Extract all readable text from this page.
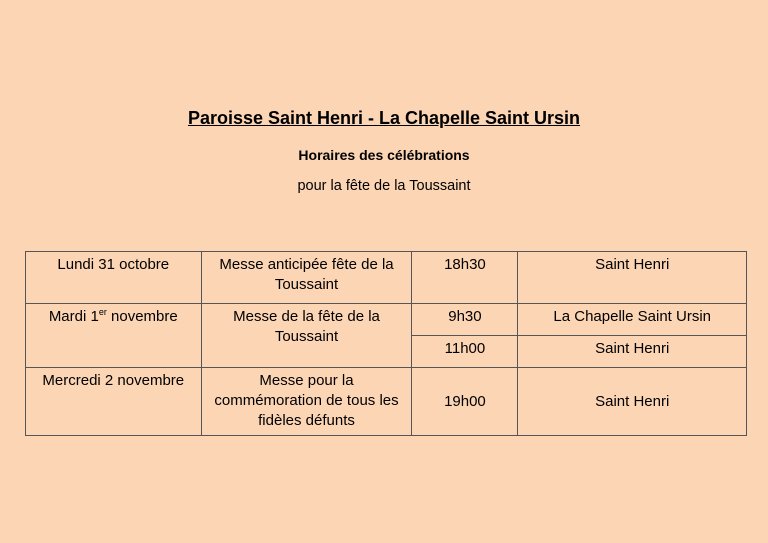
Paroisse Saint Henri - La Chapelle Saint Ursin
Horaires des célébrations
pour la fête de la Toussaint
Lundi 31 octobre	Messe anticipée fête de la Toussaint	18h30	Saint Henri
Mardi 1er novembre	Messe de la fête de la Toussaint	9h30	La Chapelle Saint Ursin
		11h00	Saint Henri
Mercredi 2 novembre	Messe pour la commémoration de tous les fidèles défunts	19h00	Saint Henri
